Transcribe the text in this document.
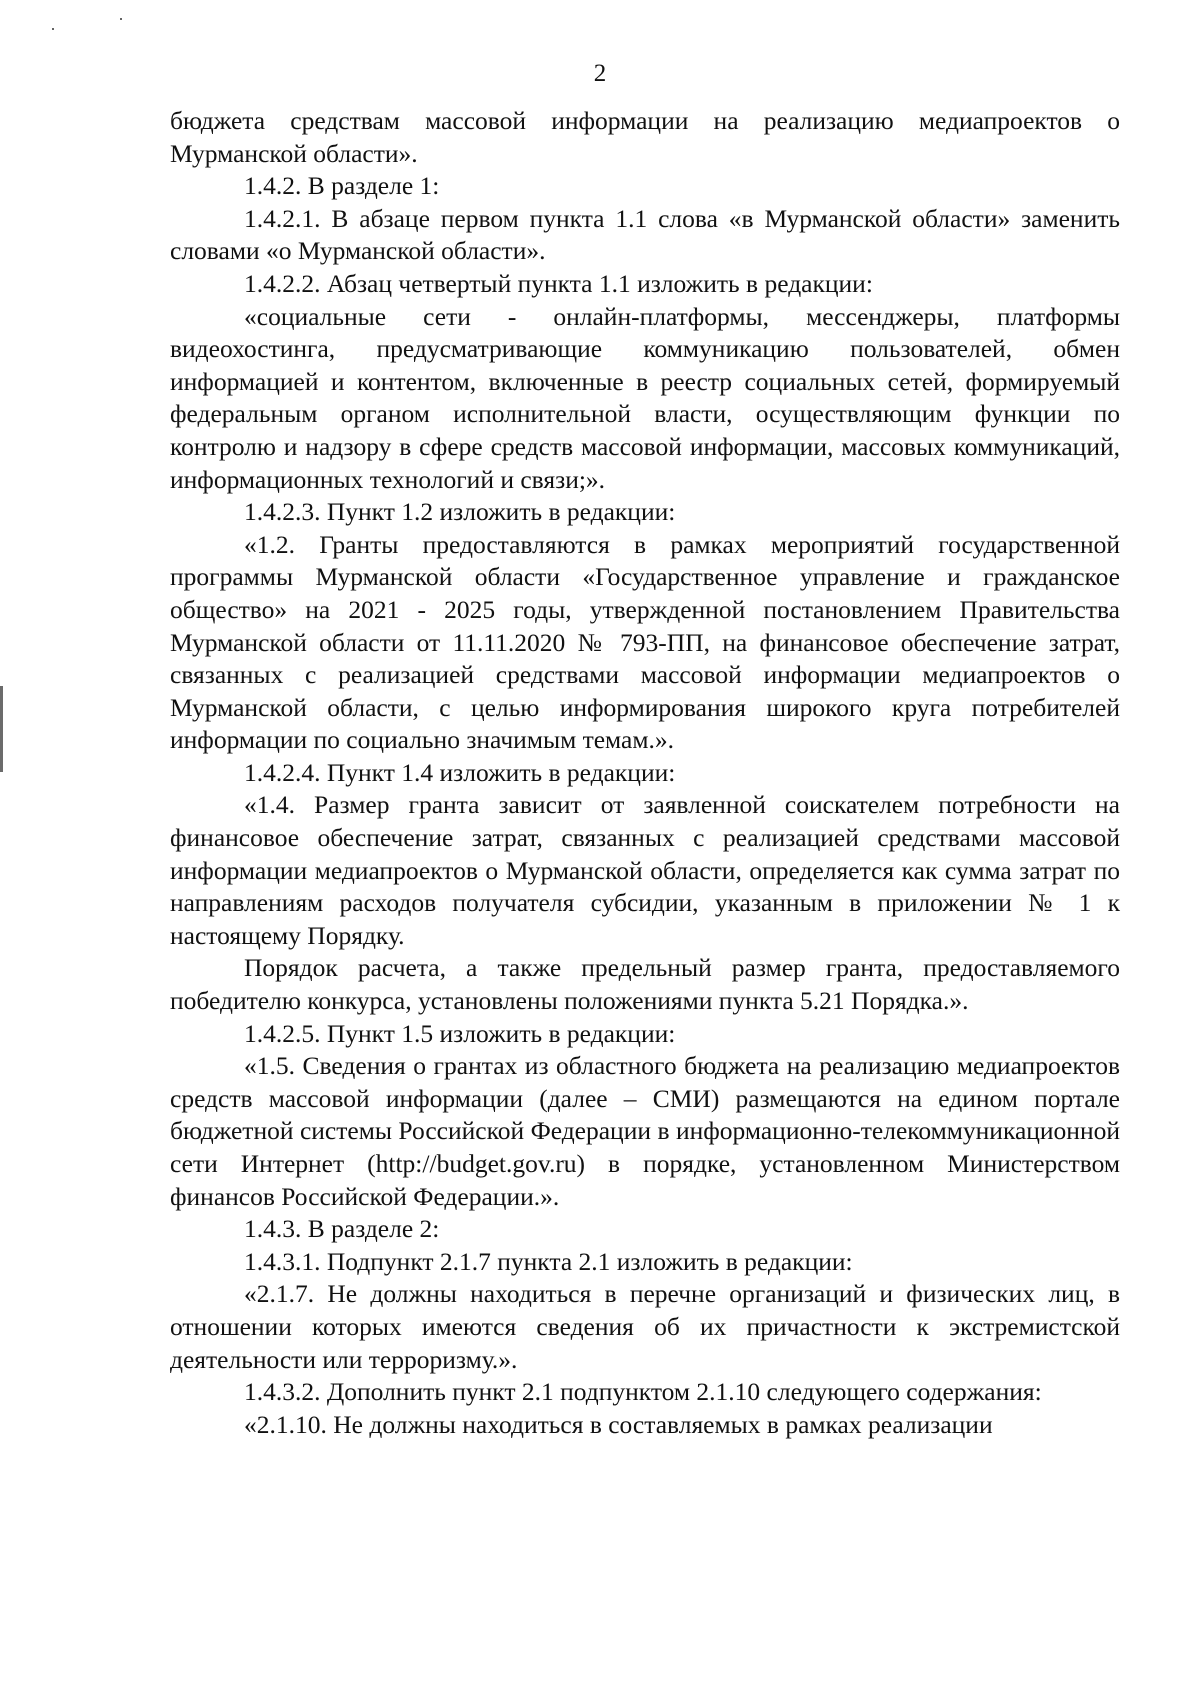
2

бюджета средствам массовой информации на реализацию медиапроектов о Мурманской области».

1.4.2. В разделе 1:

1.4.2.1. В абзаце первом пункта 1.1 слова «в Мурманской области» заменить словами «о Мурманской области».

1.4.2.2. Абзац четвертый пункта 1.1 изложить в редакции:

«социальные сети - онлайн-платформы, мессенджеры, платформы видеохостинга, предусматривающие коммуникацию пользователей, обмен информацией и контентом, включенные в реестр социальных сетей, формируемый федеральным органом исполнительной власти, осуществляющим функции по контролю и надзору в сфере средств массовой информации, массовых коммуникаций, информационных технологий и связи;».

1.4.2.3. Пункт 1.2 изложить в редакции:

«1.2. Гранты предоставляются в рамках мероприятий государственной программы Мурманской области «Государственное управление и гражданское общество» на 2021 - 2025 годы, утвержденной постановлением Правительства Мурманской области от 11.11.2020 № 793-ПП, на финансовое обеспечение затрат, связанных с реализацией средствами массовой информации медиапроектов о Мурманской области, с целью информирования широкого круга потребителей информации по социально значимым темам.».

1.4.2.4. Пункт 1.4 изложить в редакции:

«1.4. Размер гранта зависит от заявленной соискателем потребности на финансовое обеспечение затрат, связанных с реализацией средствами массовой информации медиапроектов о Мурманской области, определяется как сумма затрат по направлениям расходов получателя субсидии, указанным в приложении № 1 к настоящему Порядку.

Порядок расчета, а также предельный размер гранта, предоставляемого победителю конкурса, установлены положениями пункта 5.21 Порядка.».

1.4.2.5. Пункт 1.5 изложить в редакции:

«1.5. Сведения о грантах из областного бюджета на реализацию медиапроектов средств массовой информации (далее – СМИ) размещаются на едином портале бюджетной системы Российской Федерации в информационно-телекоммуникационной сети Интернет (http://budget.gov.ru) в порядке, установленном Министерством финансов Российской Федерации.».

1.4.3. В разделе 2:

1.4.3.1. Подпункт 2.1.7 пункта 2.1 изложить в редакции:

«2.1.7. Не должны находиться в перечне организаций и физических лиц, в отношении которых имеются сведения об их причастности к экстремистской деятельности или терроризму.».

1.4.3.2. Дополнить пункт 2.1 подпунктом 2.1.10 следующего содержания:

«2.1.10. Не должны находиться в составляемых в рамках реализации
